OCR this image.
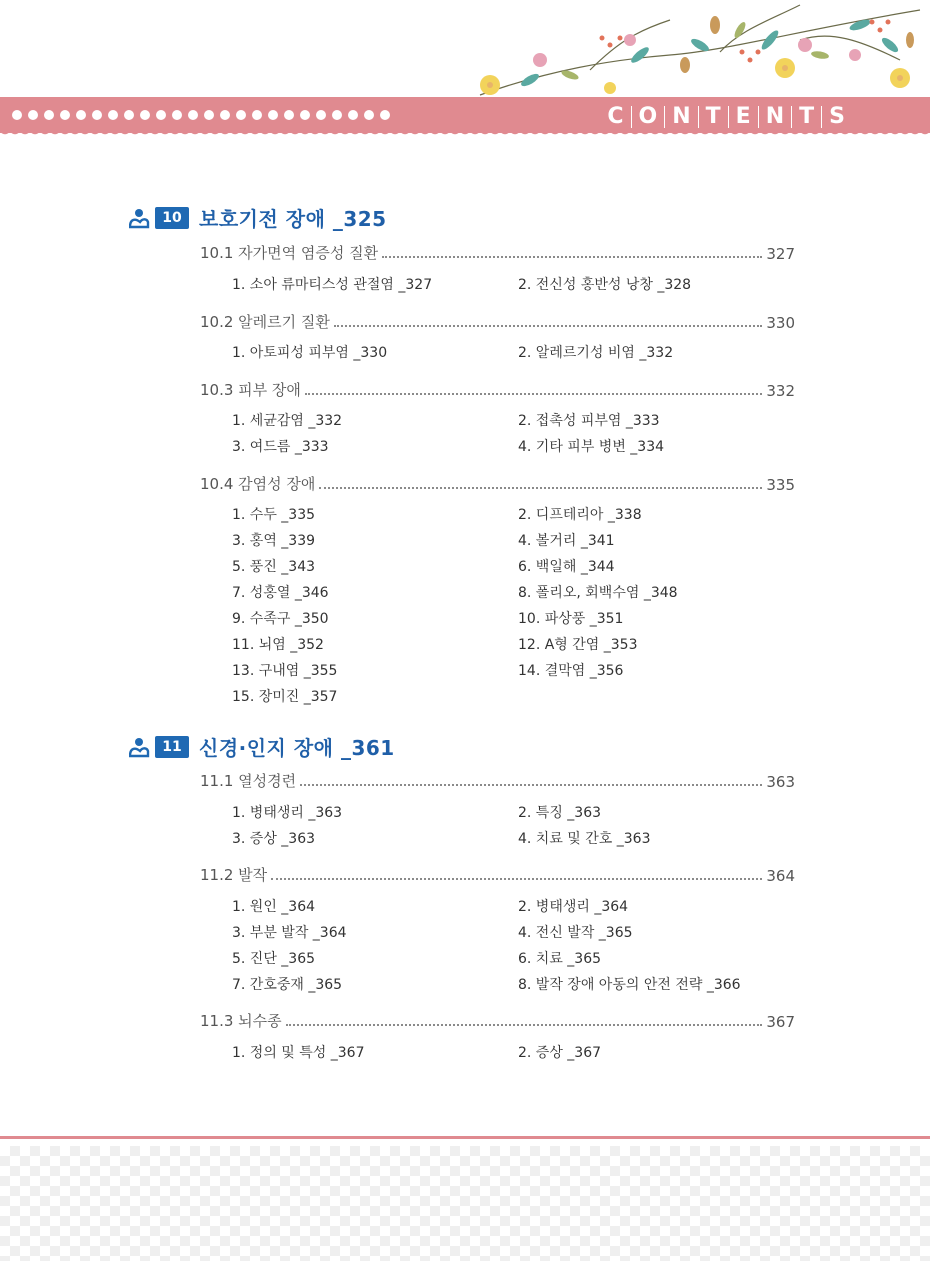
C O N T E N T S
10 보호기전 장애 _325
10.1 자가면역 염증성 질환	327
1. 소아 류마티스성 관절염 _327	2. 전신성 홍반성 낭창 _328
10.2 알레르기 질환	330
1. 아토피성 피부염 _330	2. 알레르기성 비염 _332
10.3 피부 장애	332
1. 세균감염 _332	2. 접촉성 피부염 _333
3. 여드름 _333	4. 기타 피부 병변 _334
10.4 감염성 장애	335
1. 수두 _335	2. 디프테리아 _338
3. 홍역 _339	4. 볼거리 _341
5. 풍진 _343	6. 백일해 _344
7. 성홍열 _346	8. 폴리오, 회백수염 _348
9. 수족구 _350	10. 파상풍 _351
11. 뇌염 _352	12. A형 간염 _353
13. 구내염 _355	14. 결막염 _356
15. 장미진 _357
11 신경·인지 장애 _361
11.1 열성경련	363
1. 병태생리 _363	2. 특징 _363
3. 증상 _363	4. 치료 및 간호 _363
11.2 발작	364
1. 원인 _364	2. 병태생리 _364
3. 부분 발작 _364	4. 전신 발작 _365
5. 진단 _365	6. 치료 _365
7. 간호중재 _365	8. 발작 장애 아동의 안전 전략 _366
11.3 뇌수종	367
1. 정의 및 특성 _367	2. 증상 _367
